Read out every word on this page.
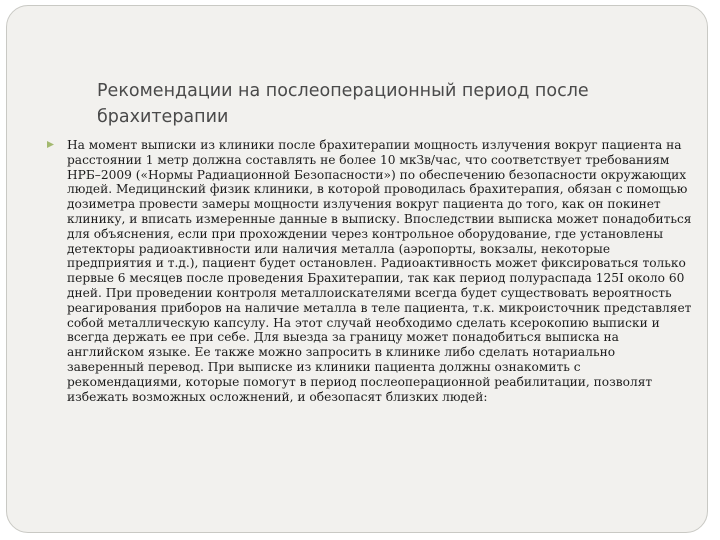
Рекомендации на послеоперационный период после брахитерапии

На момент выписки из клиники после брахитерапии мощность излучения вокруг пациента на расстоянии 1 метр должна составлять не более 10 мкЗв/час, что соответствует требованиям НРБ–2009 («Нормы Радиационной Безопасности») по обеспечению безопасности окружающих людей. Медицинский физик клиники, в которой проводилась брахитерапия, обязан с помощью дозиметра провести замеры мощности излучения вокруг пациента до того, как он покинет клинику, и вписать измеренные данные в выписку. Впоследствии выписка может понадобиться для объяснения, если при прохождении через контрольное оборудование, где установлены детекторы радиоактивности или наличия металла (аэропорты, вокзалы, некоторые предприятия и т.д.), пациент будет остановлен. Радиоактивность может фиксироваться только первые 6 месяцев после проведения Брахитерапии, так как период полураспада 125I около 60 дней. При проведении контроля металлоискателями всегда будет существовать вероятность реагирования приборов на наличие металла в теле пациента, т.к. микроисточник представляет собой металлическую капсулу. На этот случай необходимо сделать ксерокопию выписки и всегда держать ее при себе. Для выезда за границу может понадобиться выписка на английском языке. Ее также можно запросить в клинике либо сделать нотариально заверенный перевод. При выписке из клиники пациента должны ознакомить с рекомендациями, которые помогут в период послеоперационной реабилитации, позволят избежать возможных осложнений, и обезопасят близких людей:
